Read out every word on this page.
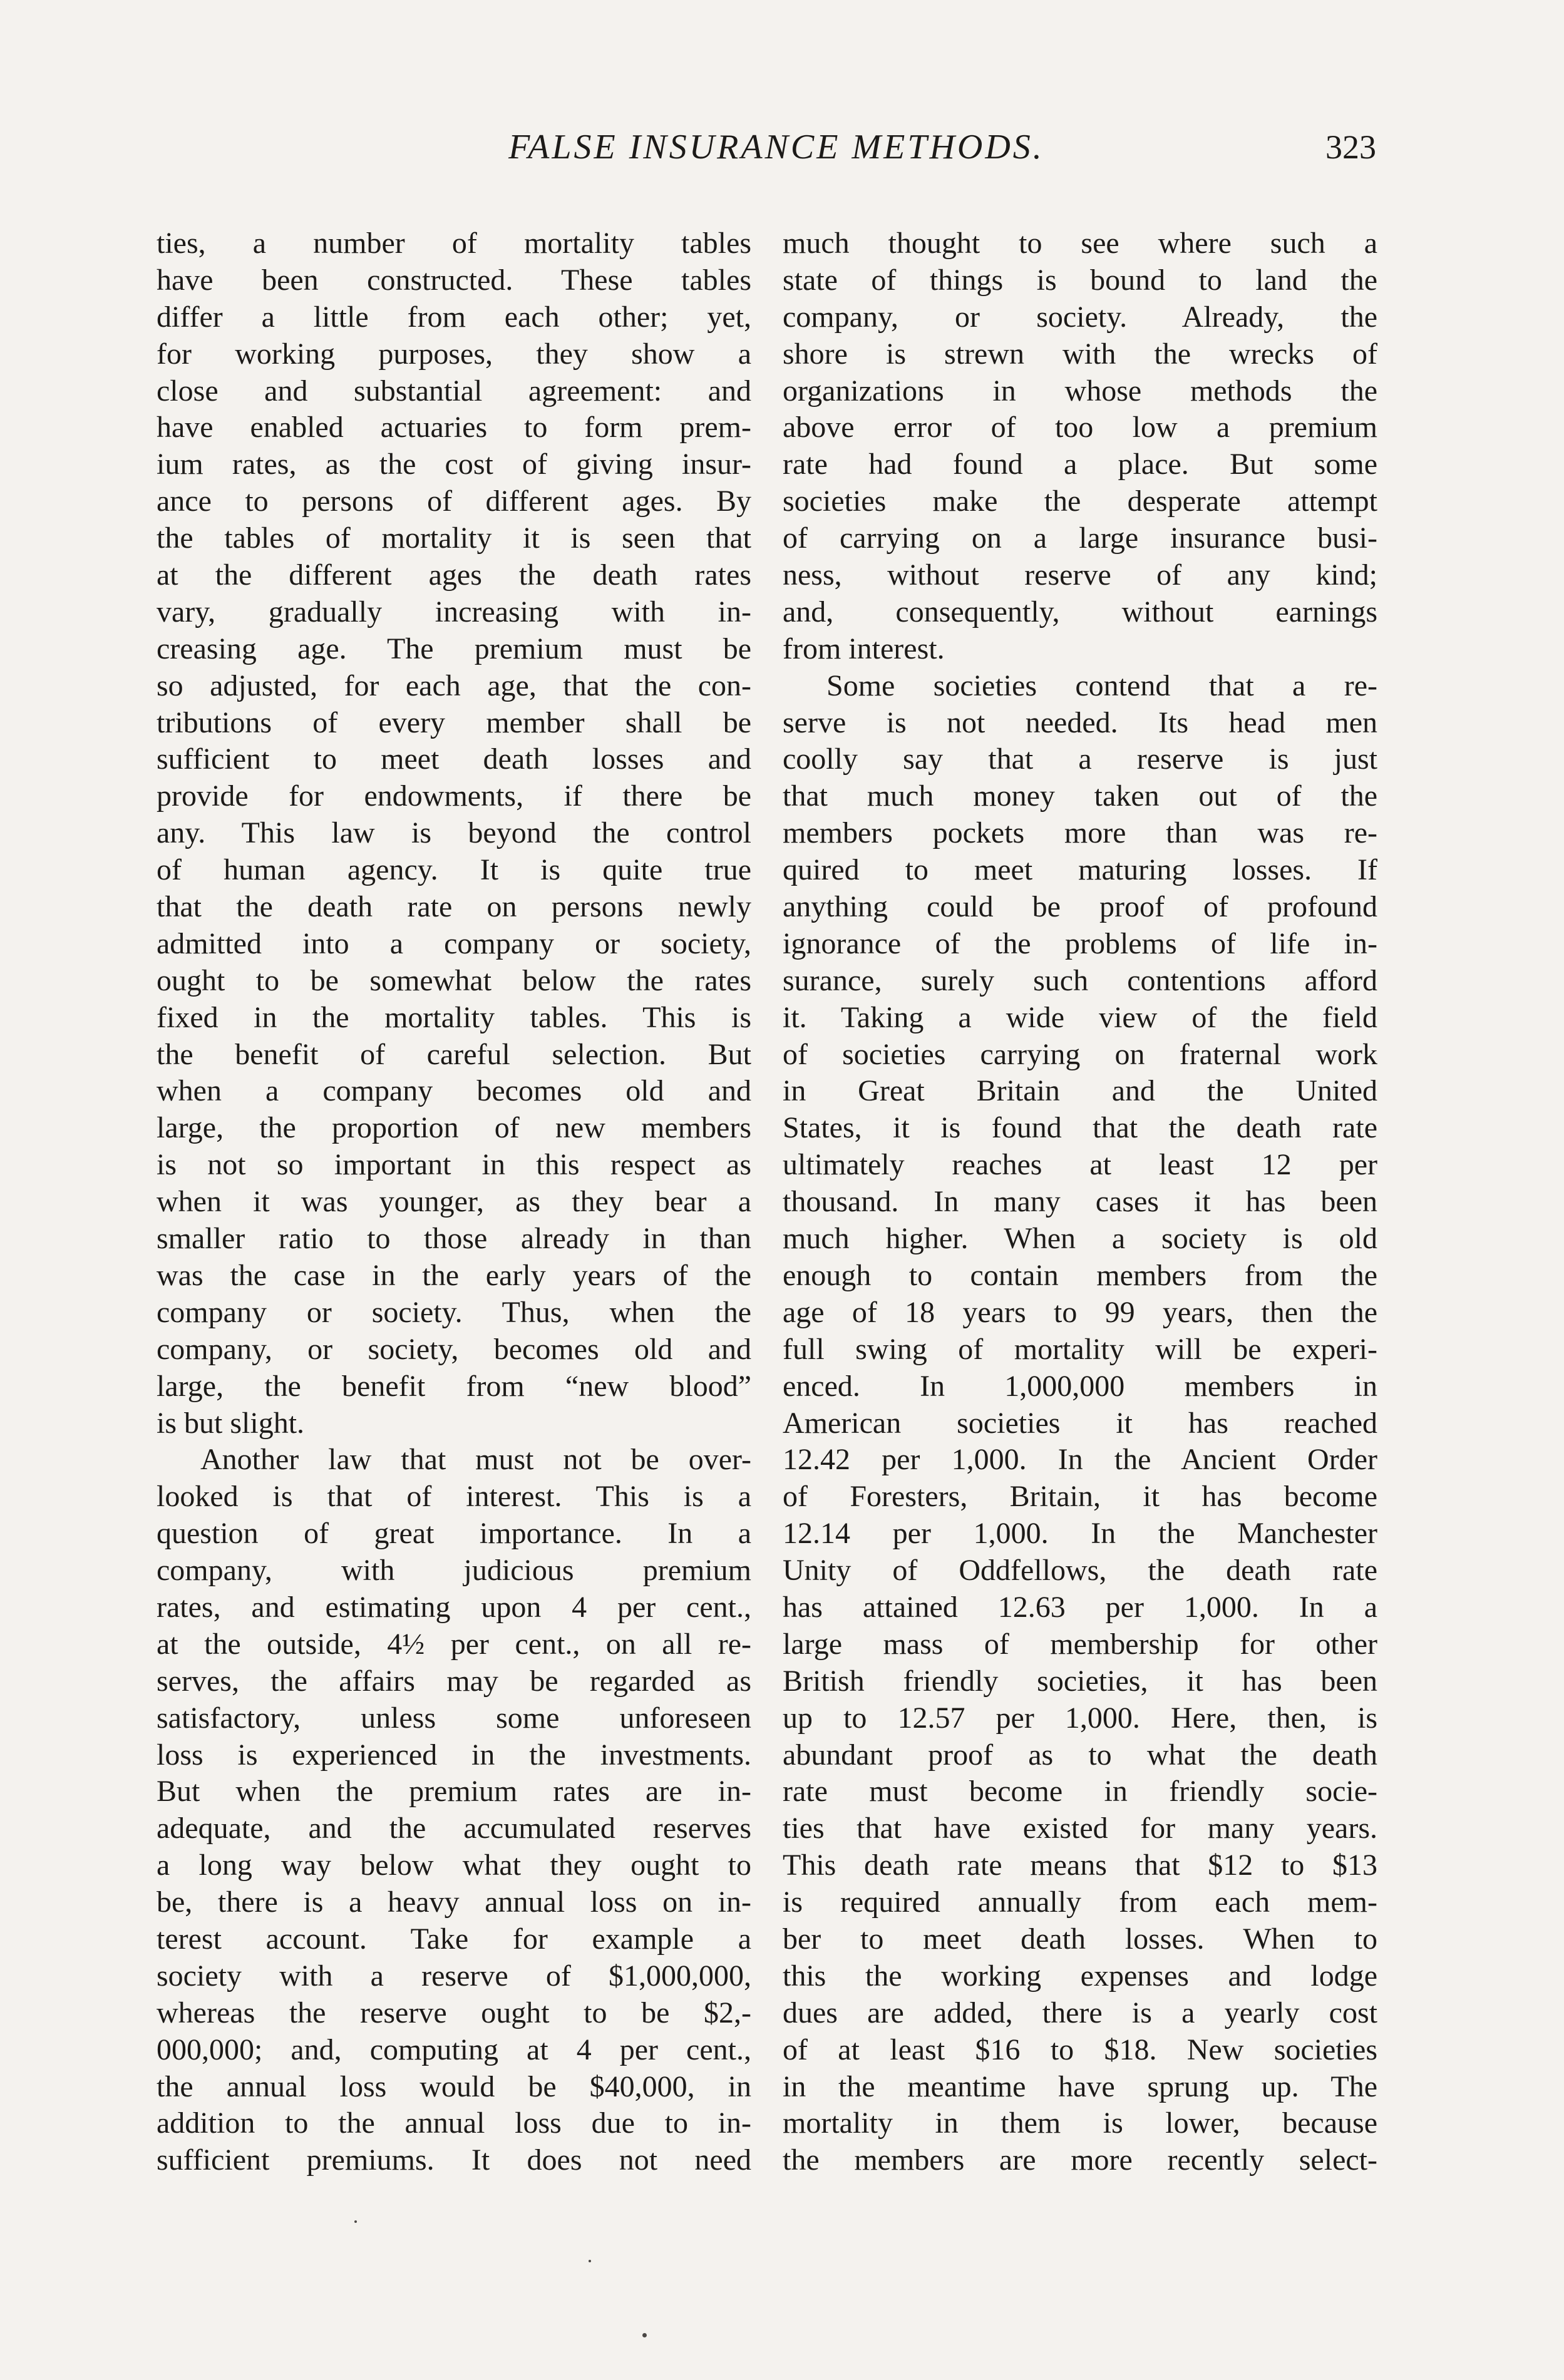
FALSE INSURANCE METHODS.	323
ties, a number of mortality tables
have been constructed. These tables
differ a little from each other; yet,
for working purposes, they show a
close and substantial agreement: and
have enabled actuaries to form prem-
ium rates, as the cost of giving insur-
ance to persons of different ages. By
the tables of mortality it is seen that
at the different ages the death rates
vary, gradually increasing with in-
creasing age. The premium must be
so adjusted, for each age, that the con-
tributions of every member shall be
sufficient to meet death losses and
provide for endowments, if there be
any. This law is beyond the control
of human agency. It is quite true
that the death rate on persons newly
admitted into a company or society,
ought to be somewhat below the rates
fixed in the mortality tables. This is
the benefit of careful selection. But
when a company becomes old and
large, the proportion of new members
is not so important in this respect as
when it was younger, as they bear a
smaller ratio to those already in than
was the case in the early years of the
company or society. Thus, when the
company, or society, becomes old and
large, the benefit from “new blood”
is but slight.
Another law that must not be over-
looked is that of interest. This is a
question of great importance. In a
company, with judicious premium
rates, and estimating upon 4 per cent.,
at the outside, 4½ per cent., on all re-
serves, the affairs may be regarded as
satisfactory, unless some unforeseen
loss is experienced in the investments.
But when the premium rates are in-
adequate, and the accumulated reserves
a long way below what they ought to
be, there is a heavy annual loss on in-
terest account. Take for example a
society with a reserve of $1,000,000,
whereas the reserve ought to be $2,-
000,000; and, computing at 4 per cent.,
the annual loss would be $40,000, in
addition to the annual loss due to in-
sufficient premiums. It does not need
much thought to see where such a
state of things is bound to land the
company, or society. Already, the
shore is strewn with the wrecks of
organizations in whose methods the
above error of too low a premium
rate had found a place. But some
societies make the desperate attempt
of carrying on a large insurance busi-
ness, without reserve of any kind;
and, consequently, without earnings
from interest.
Some societies contend that a re-
serve is not needed. Its head men
coolly say that a reserve is just
that much money taken out of the
members pockets more than was re-
quired to meet maturing losses. If
anything could be proof of profound
ignorance of the problems of life in-
surance, surely such contentions afford
it. Taking a wide view of the field
of societies carrying on fraternal work
in Great Britain and the United
States, it is found that the death rate
ultimately reaches at least 12 per
thousand. In many cases it has been
much higher. When a society is old
enough to contain members from the
age of 18 years to 99 years, then the
full swing of mortality will be experi-
enced. In 1,000,000 members in
American societies it has reached
12.42 per 1,000. In the Ancient Order
of Foresters, Britain, it has become
12.14 per 1,000. In the Manchester
Unity of Oddfellows, the death rate
has attained 12.63 per 1,000. In a
large mass of membership for other
British friendly societies, it has been
up to 12.57 per 1,000. Here, then, is
abundant proof as to what the death
rate must become in friendly socie-
ties that have existed for many years.
This death rate means that $12 to $13
is required annually from each mem-
ber to meet death losses. When to
this the working expenses and lodge
dues are added, there is a yearly cost
of at least $16 to $18. New societies
in the meantime have sprung up. The
mortality in them is lower, because
the members are more recently select-
